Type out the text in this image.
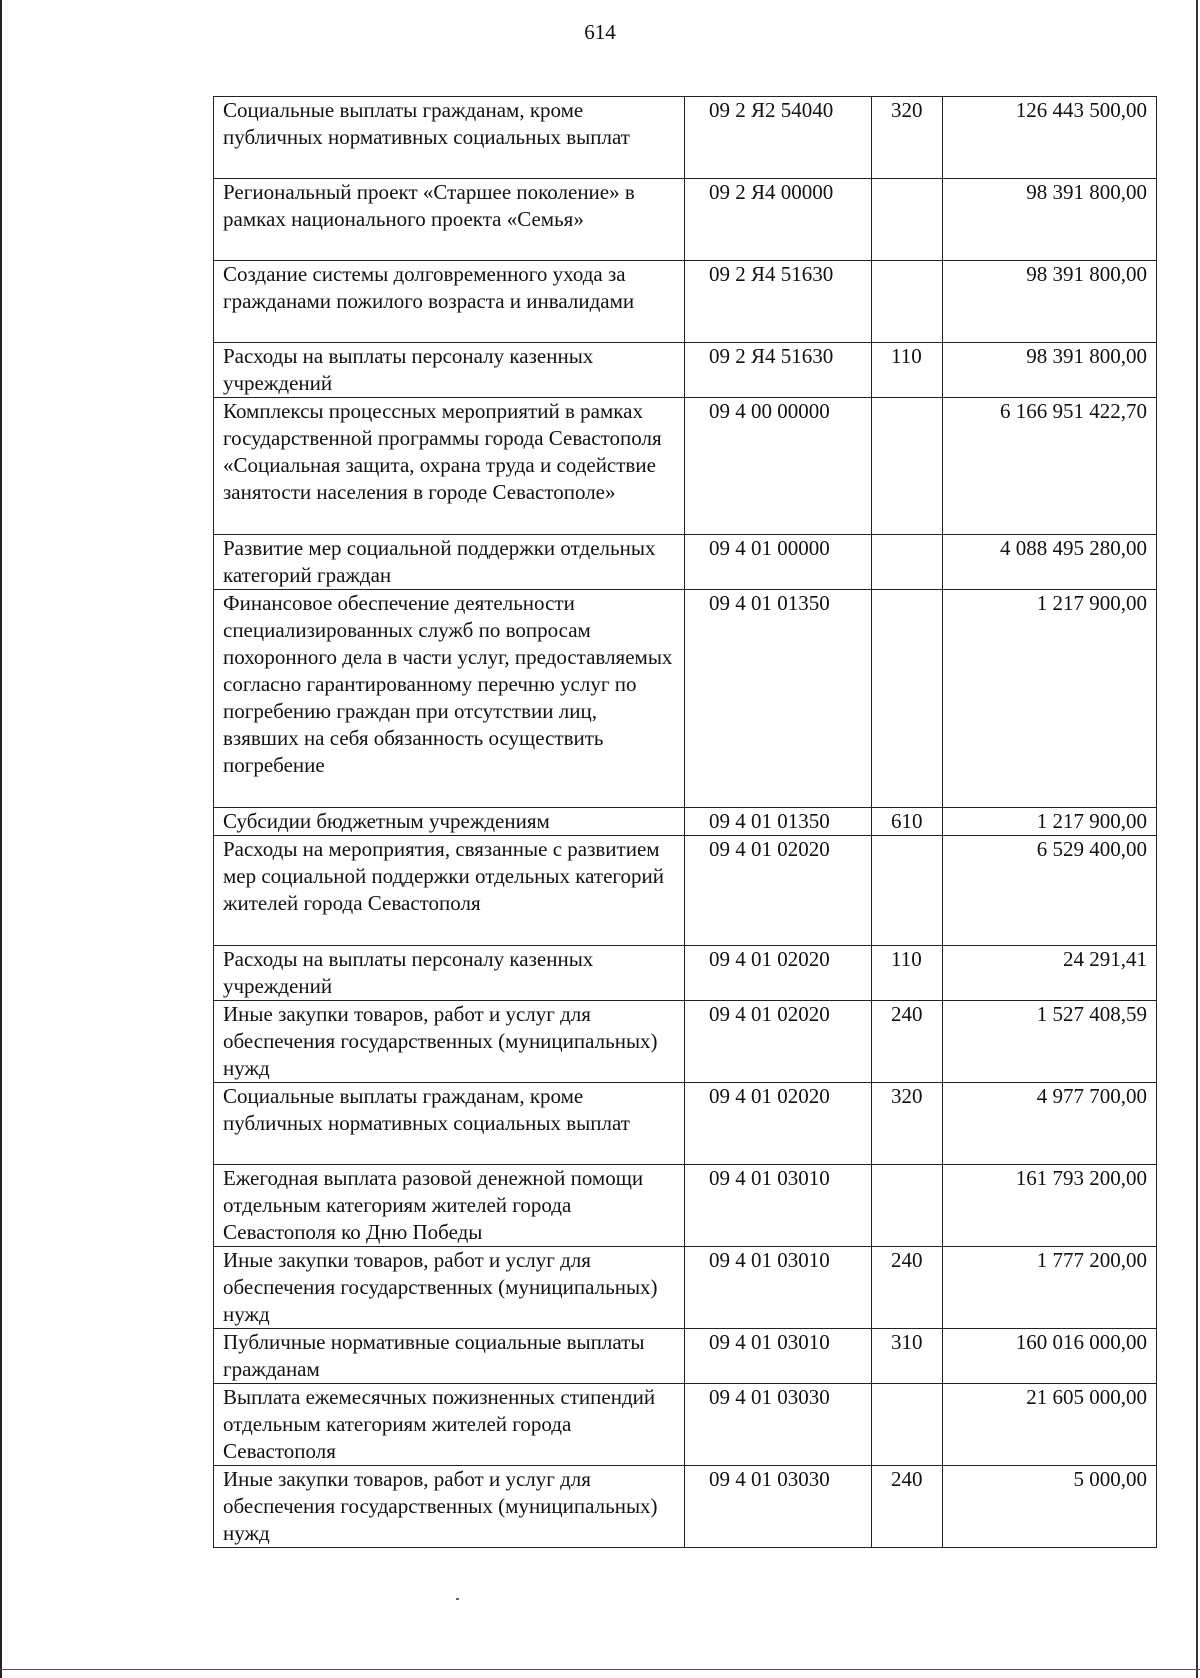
614
Социальные выплаты гражданам, кроме публичных нормативных социальных выплат	09 2 Я2 54040	320	126 443 500,00
Региональный проект «Старшее поколение» в рамках национального проекта «Семья»	09 2 Я4 00000		98 391 800,00
Создание системы долговременного ухода за гражданами пожилого возраста и инвалидами	09 2 Я4 51630		98 391 800,00
Расходы на выплаты персоналу казенных учреждений	09 2 Я4 51630	110	98 391 800,00
Комплексы процессных мероприятий в рамках государственной программы города Севастополя «Социальная защита, охрана труда и содействие занятости населения в городе Севастополе»	09 4 00 00000		6 166 951 422,70
Развитие мер социальной поддержки отдельных категорий граждан	09 4 01 00000		4 088 495 280,00
Финансовое обеспечение деятельности специализированных служб по вопросам похоронного дела в части услуг, предоставляемых согласно гарантированному перечню услуг по погребению граждан при отсутствии лиц, взявших на себя обязанность осуществить погребение	09 4 01 01350		1 217 900,00
Субсидии бюджетным учреждениям	09 4 01 01350	610	1 217 900,00
Расходы на мероприятия, связанные с развитием мер социальной поддержки отдельных категорий жителей города Севастополя	09 4 01 02020		6 529 400,00
Расходы на выплаты персоналу казенных учреждений	09 4 01 02020	110	24 291,41
Иные закупки товаров, работ и услуг для обеспечения государственных (муниципальных) нужд	09 4 01 02020	240	1 527 408,59
Социальные выплаты гражданам, кроме публичных нормативных социальных выплат	09 4 01 02020	320	4 977 700,00
Ежегодная выплата разовой денежной помощи отдельным категориям жителей города Севастополя ко Дню Победы	09 4 01 03010		161 793 200,00
Иные закупки товаров, работ и услуг для обеспечения государственных (муниципальных) нужд	09 4 01 03010	240	1 777 200,00
Публичные нормативные социальные выплаты гражданам	09 4 01 03010	310	160 016 000,00
Выплата ежемесячных пожизненных стипендий отдельным категориям жителей города Севастополя	09 4 01 03030		21 605 000,00
Иные закупки товаров, работ и услуг для обеспечения государственных (муниципальных) нужд	09 4 01 03030	240	5 000,00
